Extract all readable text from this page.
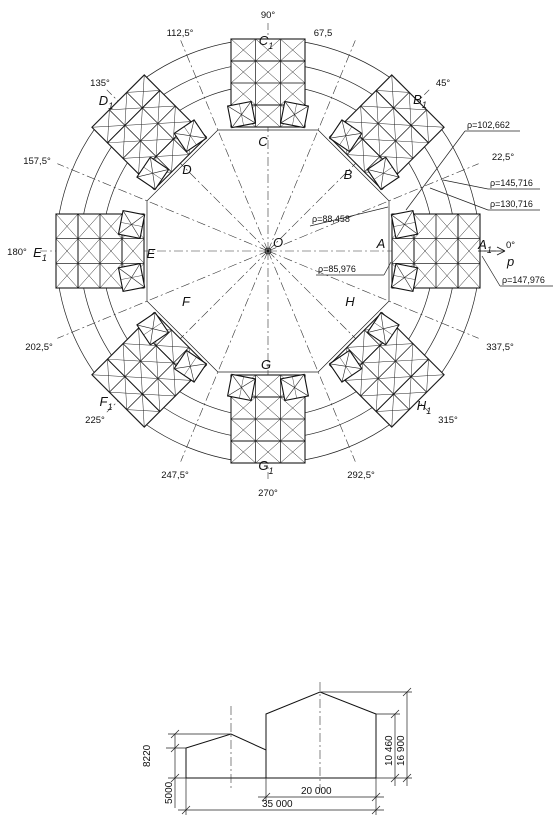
22,5°
45°
67,5
90°
112,5°
135°
157,5°
180°
202,5°
225°
247,5°
270°
292,5°
315°
337,5°
A
B
C
D
E
F
G
H
$A_1$
$B_1$
$C_1$
$D_1$
$E_1$
$F_1$
$G_1$
$H_1$
O	0°
p
ρ=102,662
ρ=145,716
ρ=130,716
ρ=88,458
ρ=85,976
ρ=147,976
8220
5000
10 460 16 900
20 000
35 000
